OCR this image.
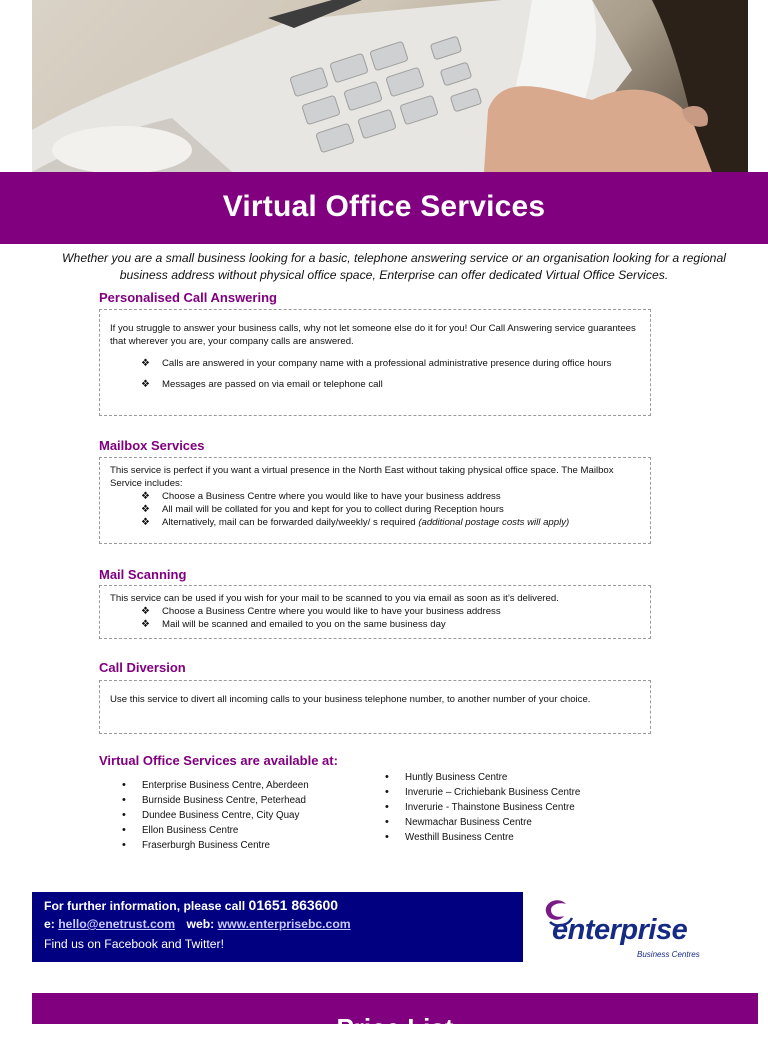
Virtual Office Services
Whether you are a small business looking for a basic, telephone answering service or an organisation looking for a regional business address without physical office space, Enterprise can offer dedicated Virtual Office Services.
Personalised Call Answering

If you struggle to answer your business calls, why not let someone else do it for you! Our Call Answering service guarantees that wherever you are, your company calls are answered.

❖ Calls are answered in your company name with a professional administrative presence during office hours
❖ Messages are passed on via email or telephone call
Mailbox Services

This service is perfect if you want a virtual presence in the North East without taking physical office space. The Mailbox Service includes:

❖ Choose a Business Centre where you would like to have your business address
❖ All mail will be collated for you and kept for you to collect during Reception hours
❖ Alternatively, mail can be forwarded daily/weekly/ s required (additional postage costs will apply)
Mail Scanning

This service can be used if you wish for your mail to be scanned to you via email as soon as it’s delivered.

❖ Choose a Business Centre where you would like to have your business address
❖ Mail will be scanned and emailed to you on the same business day
Call Diversion

Use this service to divert all incoming calls to your business telephone number, to another number of your choice.

Virtual Office Services are available at:
• Enterprise Business Centre, Aberdeen
• Burnside Business Centre, Peterhead
• Dundee Business Centre, City Quay
• Ellon Business Centre
• Fraserburgh Business Centre
• Huntly Business Centre
• Inverurie – Crichiebank Business Centre
• Inverurie - Thainstone Business Centre
• Newmachar Business Centre
• Westhill Business Centre
For further information, please call 01651 863600
e: hello@enetrust.com web: www.enterprisebc.com
Find us on Facebook and Twitter!	enterprise
Business Centres
Price List
